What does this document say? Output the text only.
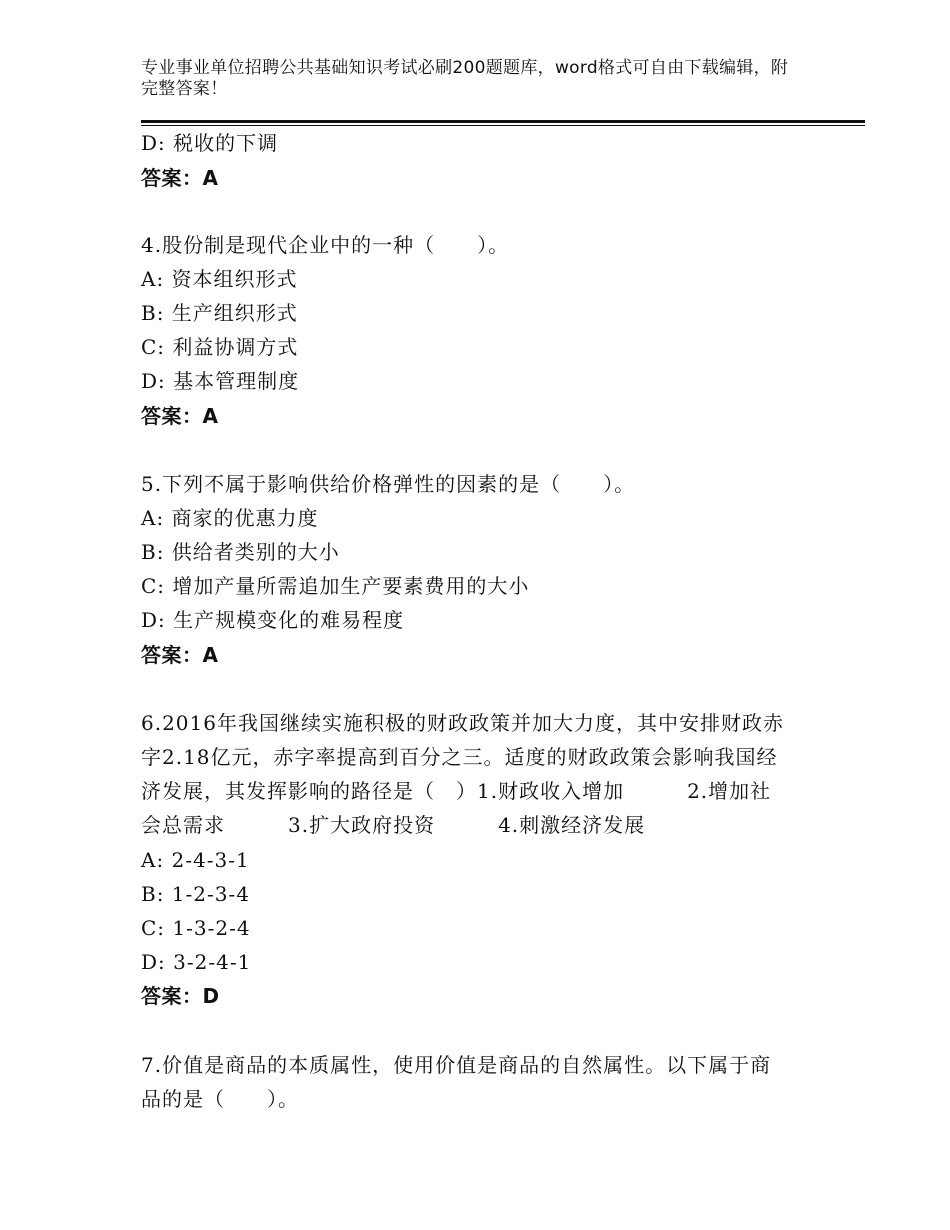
专业事业单位招聘公共基础知识考试必刷200题题库，word格式可自由下载编辑，附完整答案！
D: 税收的下调
答案：A
4.股份制是现代企业中的一种（　　）。
A: 资本组织形式
B: 生产组织形式
C: 利益协调方式
D: 基本管理制度
答案：A
5.下列不属于影响供给价格弹性的因素的是（　　）。
A: 商家的优惠力度
B: 供给者类别的大小
C: 增加产量所需追加生产要素费用的大小
D: 生产规模变化的难易程度
答案：A
6.2016年我国继续实施积极的财政政策并加大力度，其中安排财政赤
字2.18亿元，赤字率提高到百分之三。适度的财政政策会影响我国经
济发展，其发挥影响的路径是（　）1.财政收入增加　　　2.增加社
会总需求　　　3.扩大政府投资　　　4.刺激经济发展
A: 2-4-3-1
B: 1-2-3-4
C: 1-3-2-4
D: 3-2-4-1
答案：D
7.价值是商品的本质属性，使用价值是商品的自然属性。以下属于商
品的是（　　）。
